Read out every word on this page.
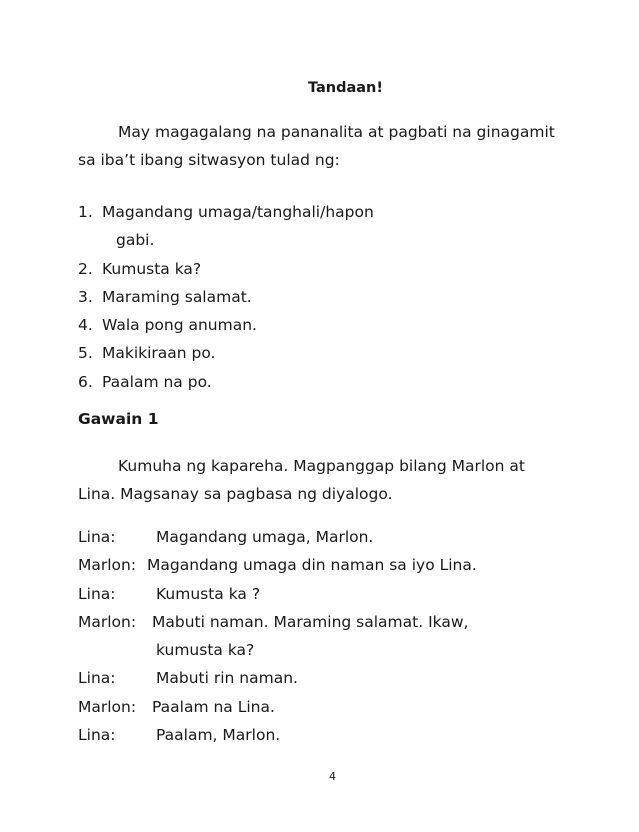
Tandaan!

May magagalang na pananalita at pagbati na ginagamit sa iba’t ibang sitwasyon tulad ng:

1. Magandang umaga/tanghali/hapon
gabi.
2. Kumusta ka?
3. Maraming salamat.
4. Wala pong anuman.
5. Makikiraan po.
6. Paalam na po.
Gawain 1

Kumuha ng kapareha. Magpanggap bilang Marlon at Lina. Magsanay sa pagbasa ng diyalogo.

Lina:	Magandang umaga, Marlon.
Marlon: Magandang umaga din naman sa iyo Lina.
Lina:	Kumusta ka ?
Marlon: Mabuti naman. Maraming salamat. Ikaw,
kumusta ka?
Lina:	Mabuti rin naman.
Marlon: Paalam na Lina.
Lina:	Paalam, Marlon.
4
